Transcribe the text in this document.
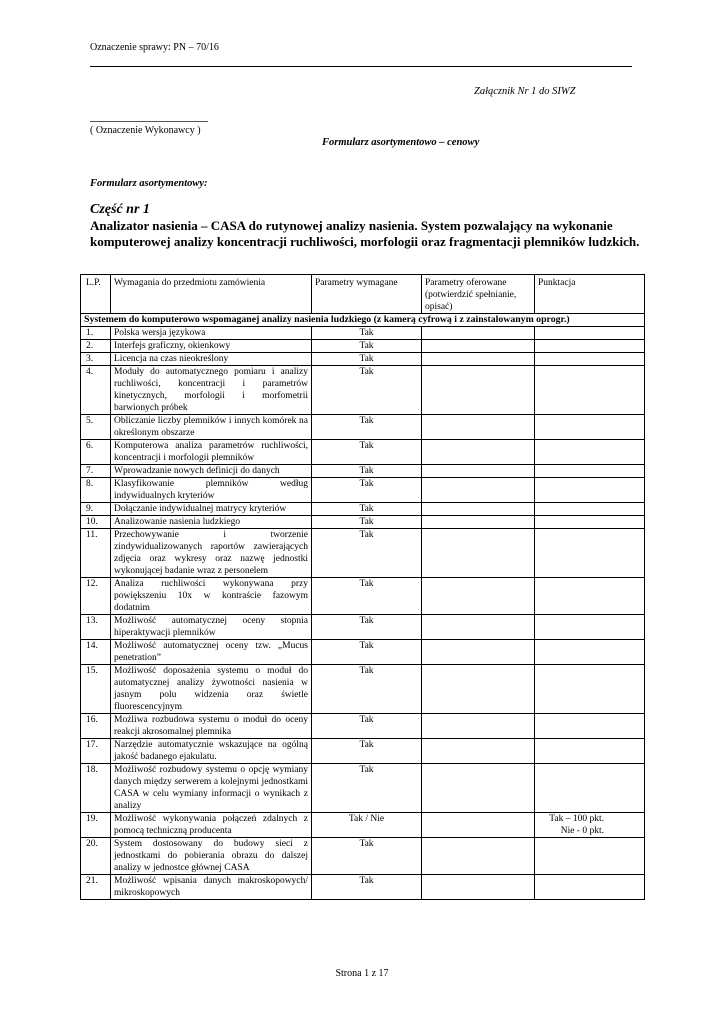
Oznaczenie sprawy: PN – 70/16
Załącznik Nr 1 do SIWZ
( Oznaczenie Wykonawcy )
Formularz asortymentowo – cenowy
Formularz asortymentowy:
Część nr 1
Analizator nasienia – CASA do rutynowej analizy nasienia. System pozwalający na wykonanie komputerowej analizy koncentracji ruchliwości, morfologii oraz fragmentacji plemników ludzkich.
L.P.	Wymagania do przedmiotu zamówienia	Parametry wymagane	Parametry oferowane (potwierdzić spełnianie, opisać)	Punktacja
Systemem do komputerowo wspomaganej analizy nasienia ludzkiego (z kamerą cyfrową i z zainstalowanym oprogr.)				
1.	Polska wersja językowa	Tak		
2.	Interfejs graficzny, okienkowy	Tak		
3.	Licencja na czas nieokreślony	Tak		
4.	Moduły do automatycznego pomiaru i analizy ruchliwości, koncentracji i parametrów kinetycznych, morfologii i morfometrii barwionych próbek	Tak		
5.	Obliczanie liczby plemników i innych komórek na określonym obszarze	Tak		
6.	Komputerowa analiza parametrów ruchliwości, koncentracji i morfologii plemników	Tak		
7.	Wprowadzanie nowych definicji do danych	Tak		
8.	Klasyfikowanie plemników według indywidualnych kryteriów	Tak		
9.	Dołączanie indywidualnej matrycy kryteriów	Tak		
10.	Analizowanie nasienia ludzkiego	Tak		
11.	Przechowywanie i tworzenie zindywidualizowanych raportów zawierających zdjęcia oraz wykresy oraz nazwę jednostki wykonującej badanie wraz z personelem	Tak		
12.	Analiza ruchliwości wykonywana przy powiększeniu 10x w kontraście fazowym dodatnim	Tak		
13.	Możliwość automatycznej oceny stopnia hiperaktywacji plemników	Tak		
14.	Możliwość automatycznej oceny tzw. „Mucus penetration”	Tak		
15.	Możliwość doposażenia systemu o moduł do automatycznej analizy żywotności nasienia w jasnym polu widzenia oraz świetle fluorescencyjnym	Tak		
16.	Możliwa rozbudowa systemu o moduł do oceny reakcji akrosomalnej plemnika	Tak		
17.	Narzędzie automatycznie wskazujące na ogólną jakość badanego ejakulatu.	Tak		
18.	Możliwość rozbudowy systemu o opcję wymiany danych między serwerem a kolejnymi jednostkami CASA w celu wymiany informacji o wynikach z analizy	Tak		
19.	Możliwość wykonywania połączeń zdalnych z pomocą techniczną producenta	Tak / Nie		Tak – 100 pkt.
Nie - 0 pkt.
20.	System dostosowany do budowy sieci z jednostkami do pobierania obrazu do dalszej analizy w jednostce głównej CASA	Tak		
21.	Możliwość wpisania danych makroskopowych/ mikroskopowych	Tak		
Strona 1 z 17
